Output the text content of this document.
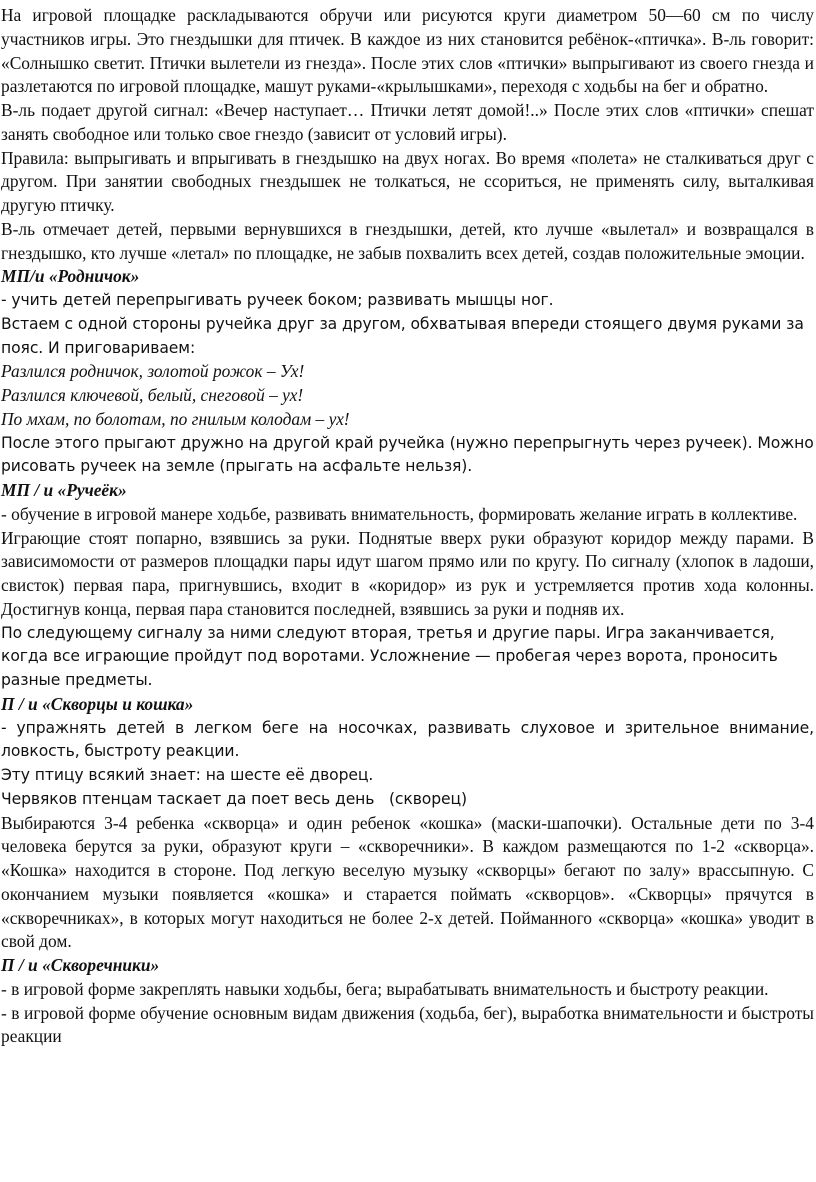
На игровой площадке раскладываются обручи или рисуются круги диаметром 50—60 см по числу участников игры. Это гнездышки для птичек. В каждое из них становится ребёнок-«птичка». В-ль говорит: «Солнышко светит. Птички вылетели из гнезда». После этих слов «птички» выпрыгивают из своего гнезда и разлетаются по игровой площадке, машут руками-«крылышками», переходя с ходьбы на бег и обратно.

В-ль подает другой сигнал: «Вечер наступает… Птички летят домой!..» После этих слов «птички» спешат занять свободное или только свое гнездо (зависит от условий игры).

Правила: выпрыгивать и впрыгивать в гнездышко на двух ногах. Во время «полета» не сталкиваться друг с другом. При занятии свободных гнездышек не толкаться, не ссориться, не применять силу, выталкивая другую птичку.

В-ль отмечает детей, первыми вернувшихся в гнездышки, детей, кто лучше «вылетал» и возвращался в гнездышко, кто лучше «летал» по площадке, не забыв похвалить всех детей, создав положительные эмоции.

МП/и «Родничок»

- учить детей перепрыгивать ручеек боком; развивать мышцы ног.

Встаем с одной стороны ручейка друг за другом, обхватывая впереди стоящего двумя руками за пояс. И приговариваем:

Разлился родничок, золотой рожок – Ух!

Разлился ключевой, белый, снеговой – ух!

По мхам, по болотам, по гнилым колодам – ух!

После этого прыгают дружно на другой край ручейка (нужно перепрыгнуть через ручеек). Можно рисовать ручеек на земле (прыгать на асфальте нельзя).

МП / и «Ручеёк»

- обучение в игровой манере ходьбе, развивать внимательность, формировать желание играть в коллективе.

Играющие стоят попарно, взявшись за руки. Поднятые вверх руки образуют коридор между парами. В зависимомости от размеров площадки пары идут шагом прямо или по кругу. По сигналу (хлопок в ладоши, свисток) первая пара, пригнувшись, входит в «коридор» из рук и устремляется против хода колонны. Достигнув конца, первая пара становится последней, взявшись за руки и подняв их.

По следующему сигналу за ними следуют вторая, третья и другие пары. Игра заканчивается, когда все играющие пройдут под воротами. Усложнение — пробегая через ворота, проносить разные предметы.

П / и «Скворцы и кошка»

- упражнять детей в легком беге на носочках, развивать слуховое и зрительное внимание, ловкость, быстроту реакции.

Эту птицу всякий знает: на шесте её дворец.

Червяков птенцам таскает да поет весь день   (скворец)

Выбираются 3-4 ребенка «скворца» и один ребенок «кошка» (маски-шапочки). Остальные дети по 3-4 человека берутся за руки, образуют круги – «скворечники». В каждом размещаются по 1-2 «скворца». «Кошка» находится в стороне. Под легкую веселую музыку «скворцы» бегают по залу» врассыпную. С окончанием музыки появляется «кошка» и старается поймать «скворцов». «Скворцы» прячутся в «скворечниках», в которых могут находиться не более 2-х детей. Пойманного «скворца» «кошка» уводит в свой дом.

П / и «Скворечники»

- в игровой форме закреплять навыки ходьбы, бега; вырабатывать внимательность и быстроту реакции.

- в игровой форме обучение основным видам движения (ходьба, бег), выработка внимательности и быстроты реакции
